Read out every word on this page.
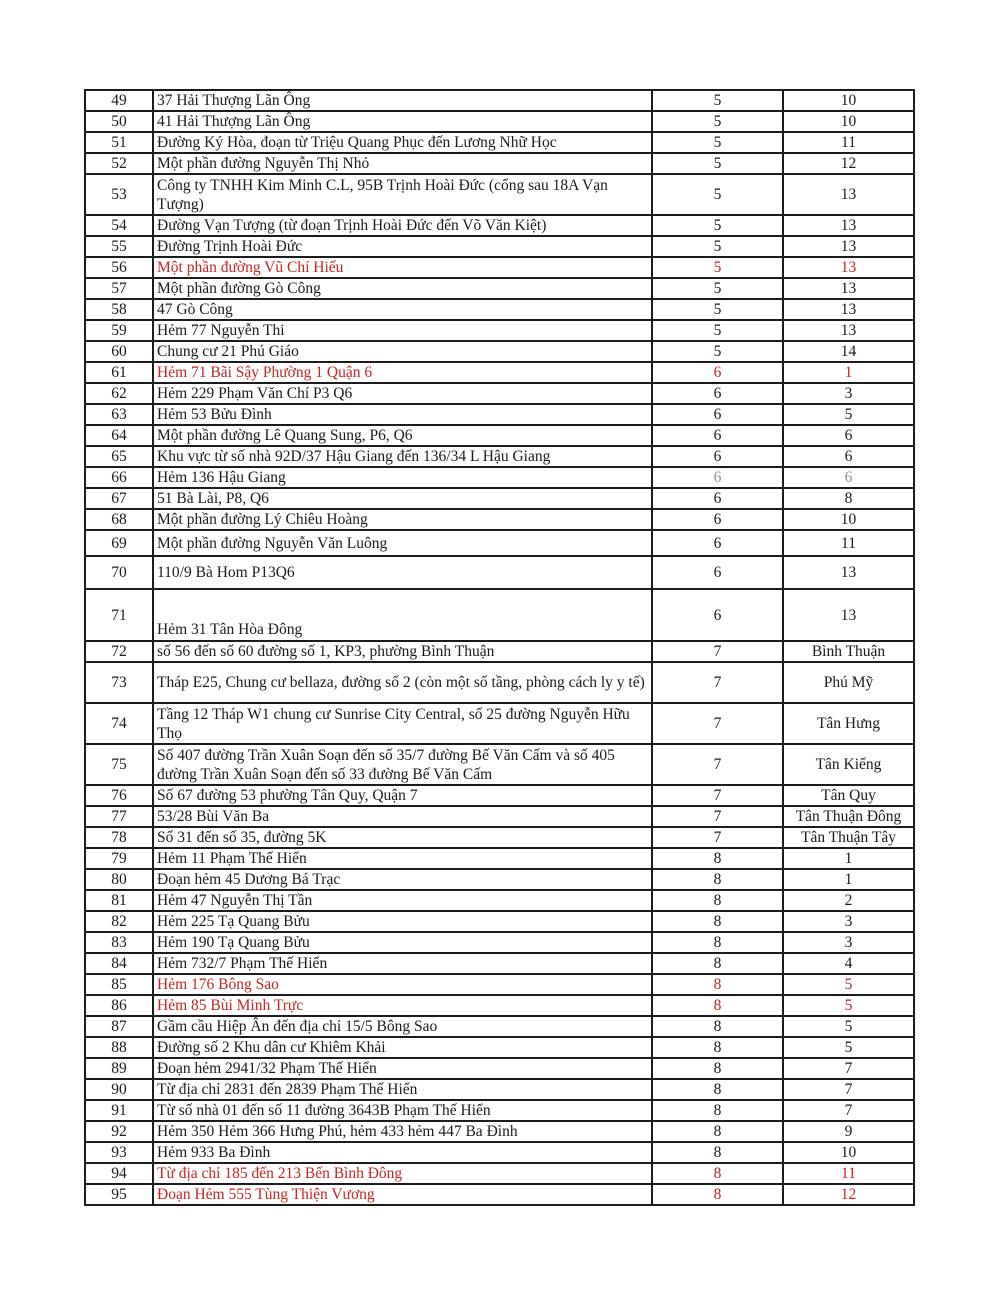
49	37 Hải Thượng Lãn Ông	5	10
50	41 Hải Thượng Lãn Ông	5	10
51	Đường Ký Hòa, đoạn từ Triệu Quang Phục đến Lương Nhữ Học	5	11
52	Một phần đường Nguyễn Thị Nhỏ	5	12
53	Công ty TNHH Kim Minh C.L, 95B Trịnh Hoài Đức (cổng sau 18A Vạn Tượng)	5	13
54	Đường Vạn Tượng (từ đoạn Trịnh Hoài Đức đến Võ Văn Kiệt)	5	13
55	Đường Trịnh Hoài Đức	5	13
56	Một phần đường Vũ Chí Hiếu	5	13
57	Một phần đường Gò Công	5	13
58	47 Gò Công	5	13
59	Hẻm 77 Nguyễn Thi	5	13
60	Chung cư 21 Phú Giáo	5	14
61	Hẻm 71 Bãi Sậy Phường 1 Quận 6	6	1
62	Hẻm 229 Phạm Văn Chí P3 Q6	6	3
63	Hẻm 53 Bửu Đình	6	5
64	Một phần đường Lê Quang Sung, P6, Q6	6	6
65	Khu vực từ số nhà 92D/37 Hậu Giang đến 136/34 L Hậu Giang	6	6
66	Hẻm 136 Hậu Giang	6	6
67	51 Bà Lài, P8, Q6	6	8
68	Một phần đường Lý Chiêu Hoàng	6	10
69	Một phần đường Nguyễn Văn Luông	6	11
70	110/9 Bà Hom P13Q6	6	13
71	Hẻm 31 Tân Hòa Đông	6	13
72	số 56 đến số 60 đường số 1, KP3, phường Bình Thuận	7	Bình Thuận
73	Tháp E25, Chung cư bellaza, đường số 2 (còn một số tầng, phòng cách ly y tế)	7	Phú Mỹ
74	Tầng 12 Tháp W1 chung cư Sunrise City Central, số 25 đường Nguyễn Hữu Thọ	7	Tân Hưng
75	Số 407 đường Trần Xuân Soạn đến số 35/7 đường Bế Văn Cấm và số 405 đường Trần Xuân Soạn đến số 33 đường Bế Văn Cấm	7	Tân Kiểng
76	Số 67 đường 53 phường Tân Quy, Quận 7	7	Tân Quy
77	53/28 Bùi Văn Ba	7	Tân Thuận Đông
78	Số 31 đến số 35, đường 5K	7	Tân Thuận Tây
79	Hẻm 11 Phạm Thế Hiển	8	1
80	Đoạn hẻm 45 Dương Bá Trạc	8	1
81	Hẻm 47 Nguyễn Thị Tần	8	2
82	Hẻm 225 Tạ Quang Bửu	8	3
83	Hẻm 190 Tạ Quang Bửu	8	3
84	Hẻm 732/7 Phạm Thế Hiển	8	4
85	Hẻm 176 Bông Sao	8	5
86	Hẻm 85 Bùi Minh Trực	8	5
87	Gầm cầu Hiệp Ân đến địa chỉ 15/5 Bông Sao	8	5
88	Đường số 2 Khu dân cư Khiêm Khải	8	5
89	Đoạn hẻm 2941/32 Phạm Thế Hiển	8	7
90	Từ địa chỉ 2831 đến 2839 Phạm Thế Hiển	8	7
91	Từ số nhà 01 đến số 11 đường 3643B Phạm Thế Hiển	8	7
92	Hẻm 350 Hẻm 366 Hưng Phú, hẻm 433 hẻm 447 Ba Đình	8	9
93	Hẻm 933 Ba Đình	8	10
94	Từ địa chỉ 185 đến 213 Bến Bình Đông	8	11
95	Đoạn Hẻm 555 Tùng Thiện Vương	8	12
